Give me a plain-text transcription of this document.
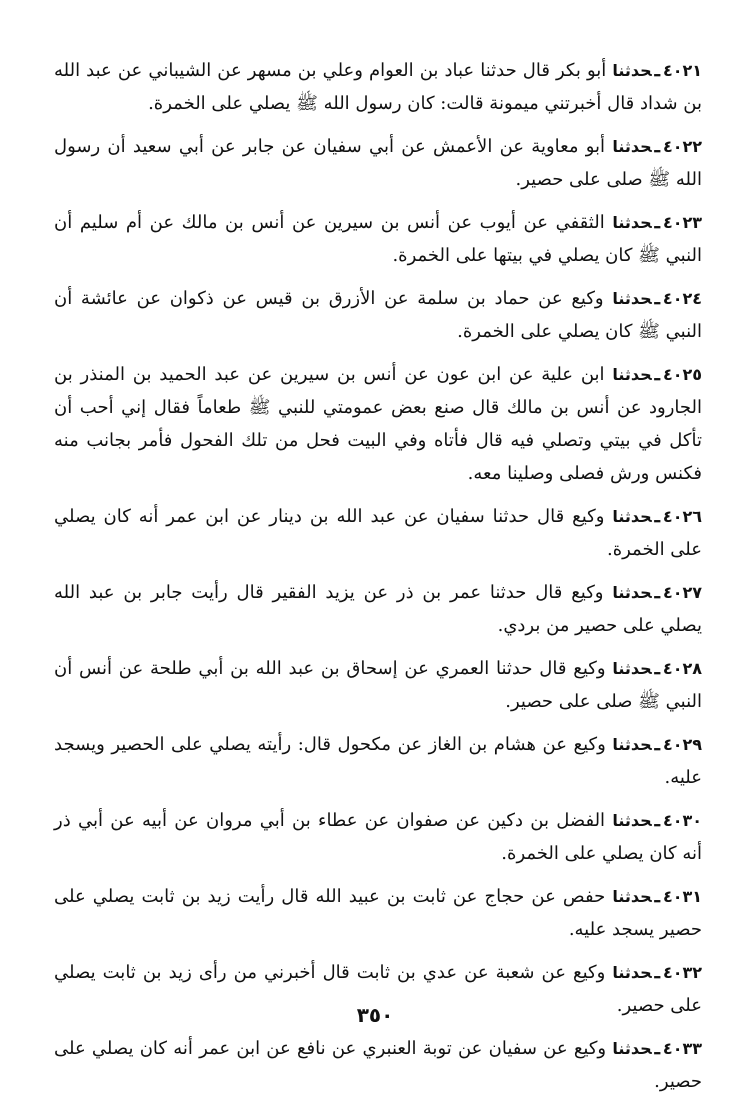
٤٠٢١ـحدثنا أبو بكر قال حدثنا عباد بن العوام وعلي بن مسهر عن الشيباني عن عبد الله بن شداد قال أخبرتني ميمونة قالت: كان رسول الله ﷺ يصلي على الخمرة.

٤٠٢٢ـحدثنا أبو معاوية عن الأعمش عن أبي سفيان عن جابر عن أبي سعيد أن رسول الله ﷺ صلى على حصير.

٤٠٢٣ـحدثنا الثقفي عن أيوب عن أنس بن سيرين عن أنس بن مالك عن أم سليم أن النبي ﷺ كان يصلي في بيتها على الخمرة.

٤٠٢٤ـحدثنا وكيع عن حماد بن سلمة عن الأزرق بن قيس عن ذكوان عن عائشة أن النبي ﷺ كان يصلي على الخمرة.

٤٠٢٥ـحدثنا ابن علية عن ابن عون عن أنس بن سيرين عن عبد الحميد بن المنذر بن الجارود عن أنس بن مالك قال صنع بعض عمومتي للنبي ﷺ طعاماً فقال إني أحب أن تأكل في بيتي وتصلي فيه قال فأتاه وفي البيت فحل من تلك الفحول فأمر بجانب منه فكنس ورش فصلى وصلينا معه.

٤٠٢٦ـحدثنا وكيع قال حدثنا سفيان عن عبد الله بن دينار عن ابن عمر أنه كان يصلي على الخمرة.

٤٠٢٧ـحدثنا وكيع قال حدثنا عمر بن ذر عن يزيد الفقير قال رأيت جابر بن عبد الله يصلي على حصير من بردي.

٤٠٢٨ـحدثنا وكيع قال حدثنا العمري عن إسحاق بن عبد الله بن أبي طلحة عن أنس أن النبي ﷺ صلى على حصير.

٤٠٢٩ـحدثنا وكيع عن هشام بن الغاز عن مكحول قال: رأيته يصلي على الحصير ويسجد عليه.

٤٠٣٠ـحدثنا الفضل بن دكين عن صفوان عن عطاء بن أبي مروان عن أبيه عن أبي ذر أنه كان يصلي على الخمرة.

٤٠٣١ـحدثنا حفص عن حجاج عن ثابت بن عبيد الله قال رأيت زيد بن ثابت يصلي على حصير يسجد عليه.

٤٠٣٢ـحدثنا وكيع عن شعبة عن عدي بن ثابت قال أخبرني من رأى زيد بن ثابت يصلي على حصير.

٤٠٣٣ـحدثنا وكيع عن سفيان عن توبة العنبري عن نافع عن ابن عمر أنه كان يصلي على حصير.

٣٥٠
